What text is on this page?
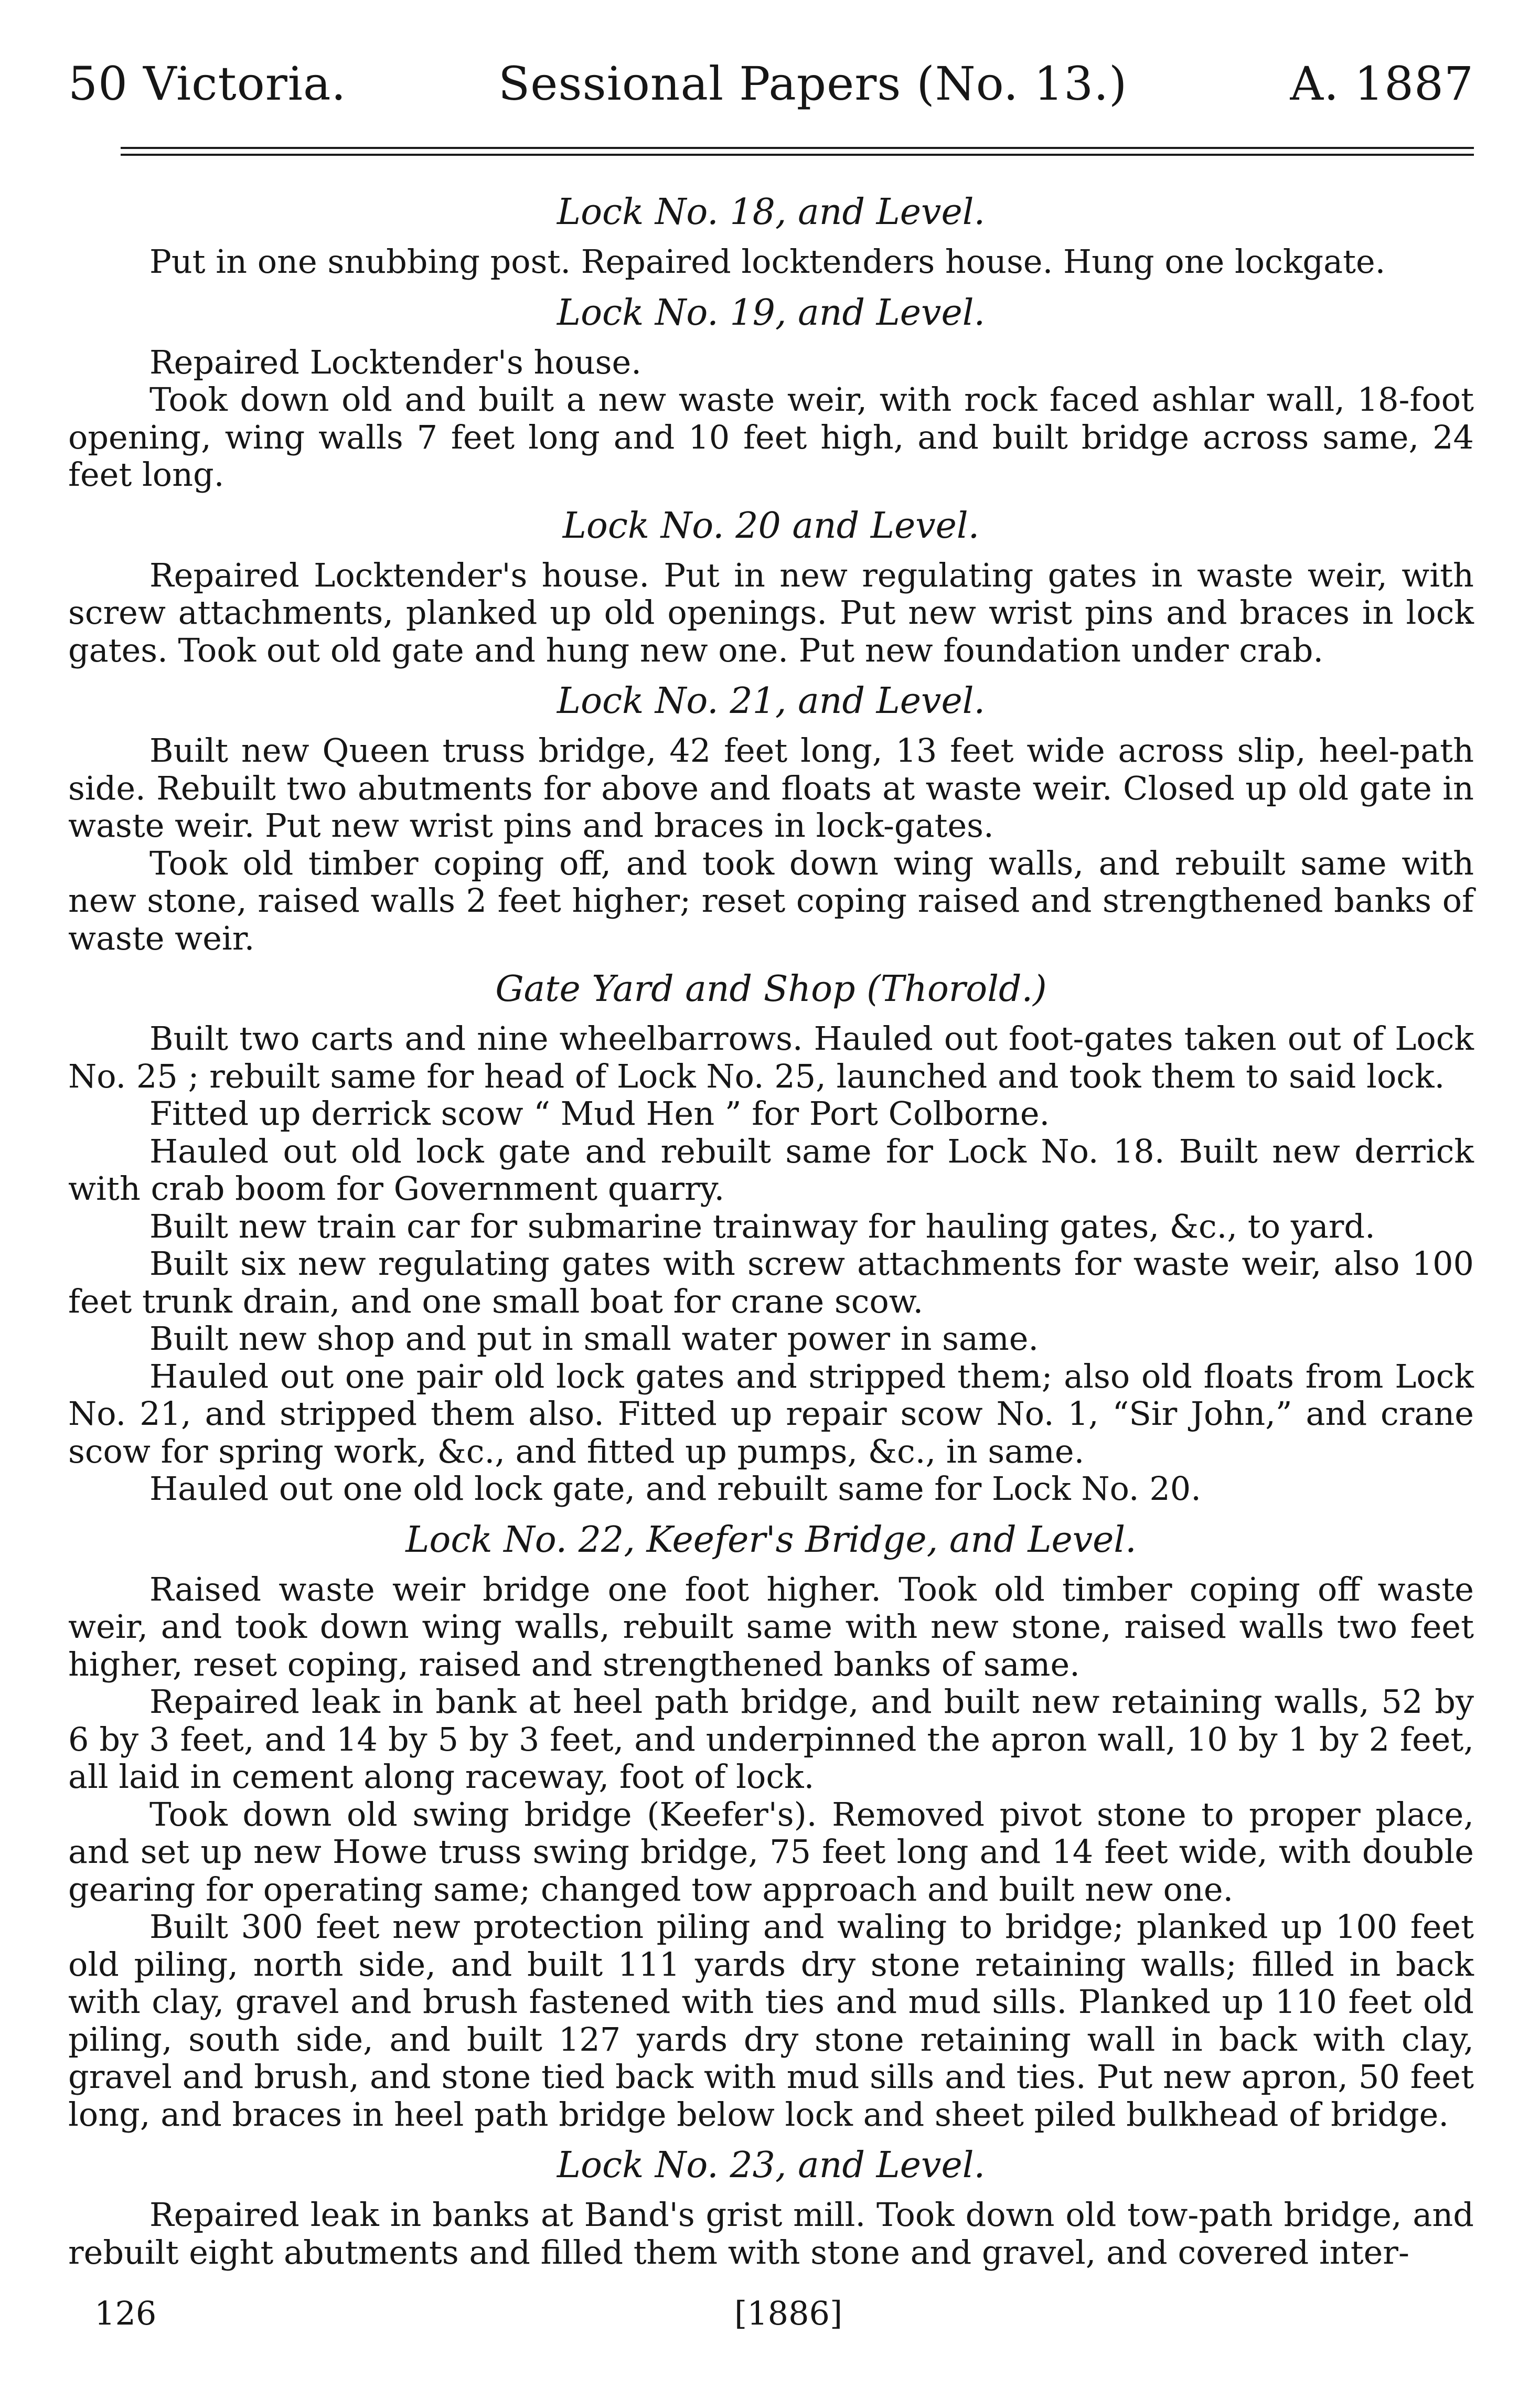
50 Victoria.	Sessional Papers (No. 13.)	A. 1887
Lock No. 18, and Level.

Put in one snubbing post. Repaired locktenders house. Hung one lockgate.

Lock No. 19, and Level.

Repaired Locktender's house.

Took down old and built a new waste weir, with rock faced ashlar wall, 18-foot opening, wing walls 7 feet long and 10 feet high, and built bridge across same, 24 feet long.

Lock No. 20 and Level.

Repaired Locktender's house. Put in new regulating gates in waste weir, with screw attachments, planked up old openings. Put new wrist pins and braces in lock gates. Took out old gate and hung new one. Put new foundation under crab.

Lock No. 21, and Level.

Built new Queen truss bridge, 42 feet long, 13 feet wide across slip, heel-path side. Rebuilt two abutments for above and floats at waste weir. Closed up old gate in waste weir. Put new wrist pins and braces in lock-gates.

Took old timber coping off, and took down wing walls, and rebuilt same with new stone, raised walls 2 feet higher; reset coping raised and strengthened banks of waste weir.

Gate Yard and Shop (Thorold.)

Built two carts and nine wheelbarrows. Hauled out foot-gates taken out of Lock No. 25 ; rebuilt same for head of Lock No. 25, launched and took them to said lock.

Fitted up derrick scow “ Mud Hen ” for Port Colborne.

Hauled out old lock gate and rebuilt same for Lock No. 18. Built new derrick with crab boom for Government quarry.

Built new train car for submarine trainway for hauling gates, &c., to yard.

Built six new regulating gates with screw attachments for waste weir, also 100 feet trunk drain, and one small boat for crane scow.

Built new shop and put in small water power in same.

Hauled out one pair old lock gates and stripped them; also old floats from Lock No. 21, and stripped them also. Fitted up repair scow No. 1, “Sir John,” and crane scow for spring work, &c., and fitted up pumps, &c., in same.

Hauled out one old lock gate, and rebuilt same for Lock No. 20.

Lock No. 22, Keefer's Bridge, and Level.

Raised waste weir bridge one foot higher. Took old timber coping off waste weir, and took down wing walls, rebuilt same with new stone, raised walls two feet higher, reset coping, raised and strengthened banks of same.

Repaired leak in bank at heel path bridge, and built new retaining walls, 52 by 6 by 3 feet, and 14 by 5 by 3 feet, and underpinned the apron wall, 10 by 1 by 2 feet, all laid in cement along raceway, foot of lock.

Took down old swing bridge (Keefer's). Removed pivot stone to proper place, and set up new Howe truss swing bridge, 75 feet long and 14 feet wide, with double gearing for operating same; changed tow approach and built new one.

Built 300 feet new protection piling and waling to bridge; planked up 100 feet old piling, north side, and built 111 yards dry stone retaining walls; filled in back with clay, gravel and brush fastened with ties and mud sills. Planked up 110 feet old piling, south side, and built 127 yards dry stone retaining wall in back with clay, gravel and brush, and stone tied back with mud sills and ties. Put new apron, 50 feet long, and braces in heel path bridge below lock and sheet piled bulkhead of bridge.

Lock No. 23, and Level.

Repaired leak in banks at Band's grist mill. Took down old tow-path bridge, and rebuilt eight abutments and filled them with stone and gravel, and covered inter-

126	[1886]
